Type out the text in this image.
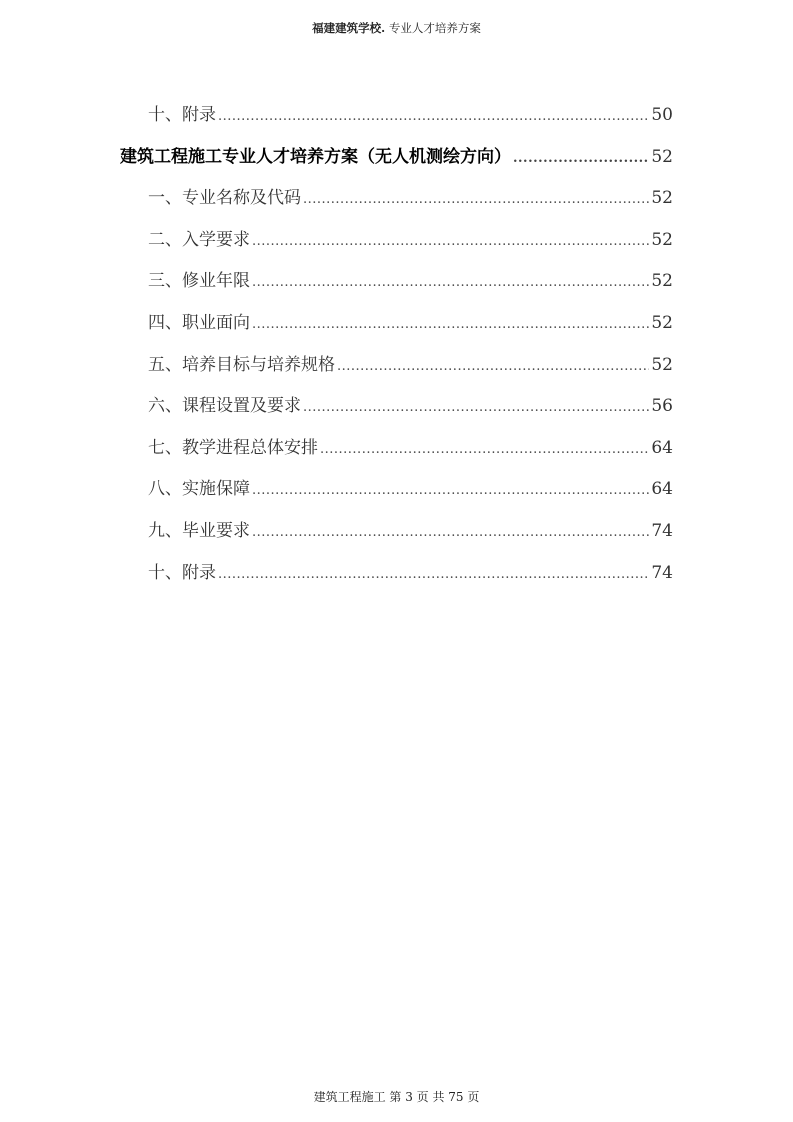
福建建筑学校. 专业人才培养方案
十、附录 .....	50
建筑工程施工专业人才培养方案（无人机测绘方向） .....	52
一、专业名称及代码 .....	52
二、入学要求 .....	52
三、修业年限 .....	52
四、职业面向 .....	52
五、培养目标与培养规格 .....	52
六、课程设置及要求 .....	56
七、教学进程总体安排 .....	64
八、实施保障 .....	64
九、毕业要求 .....	74
十、附录 .....	74
建筑工程施工 第 3 页 共 75 页
